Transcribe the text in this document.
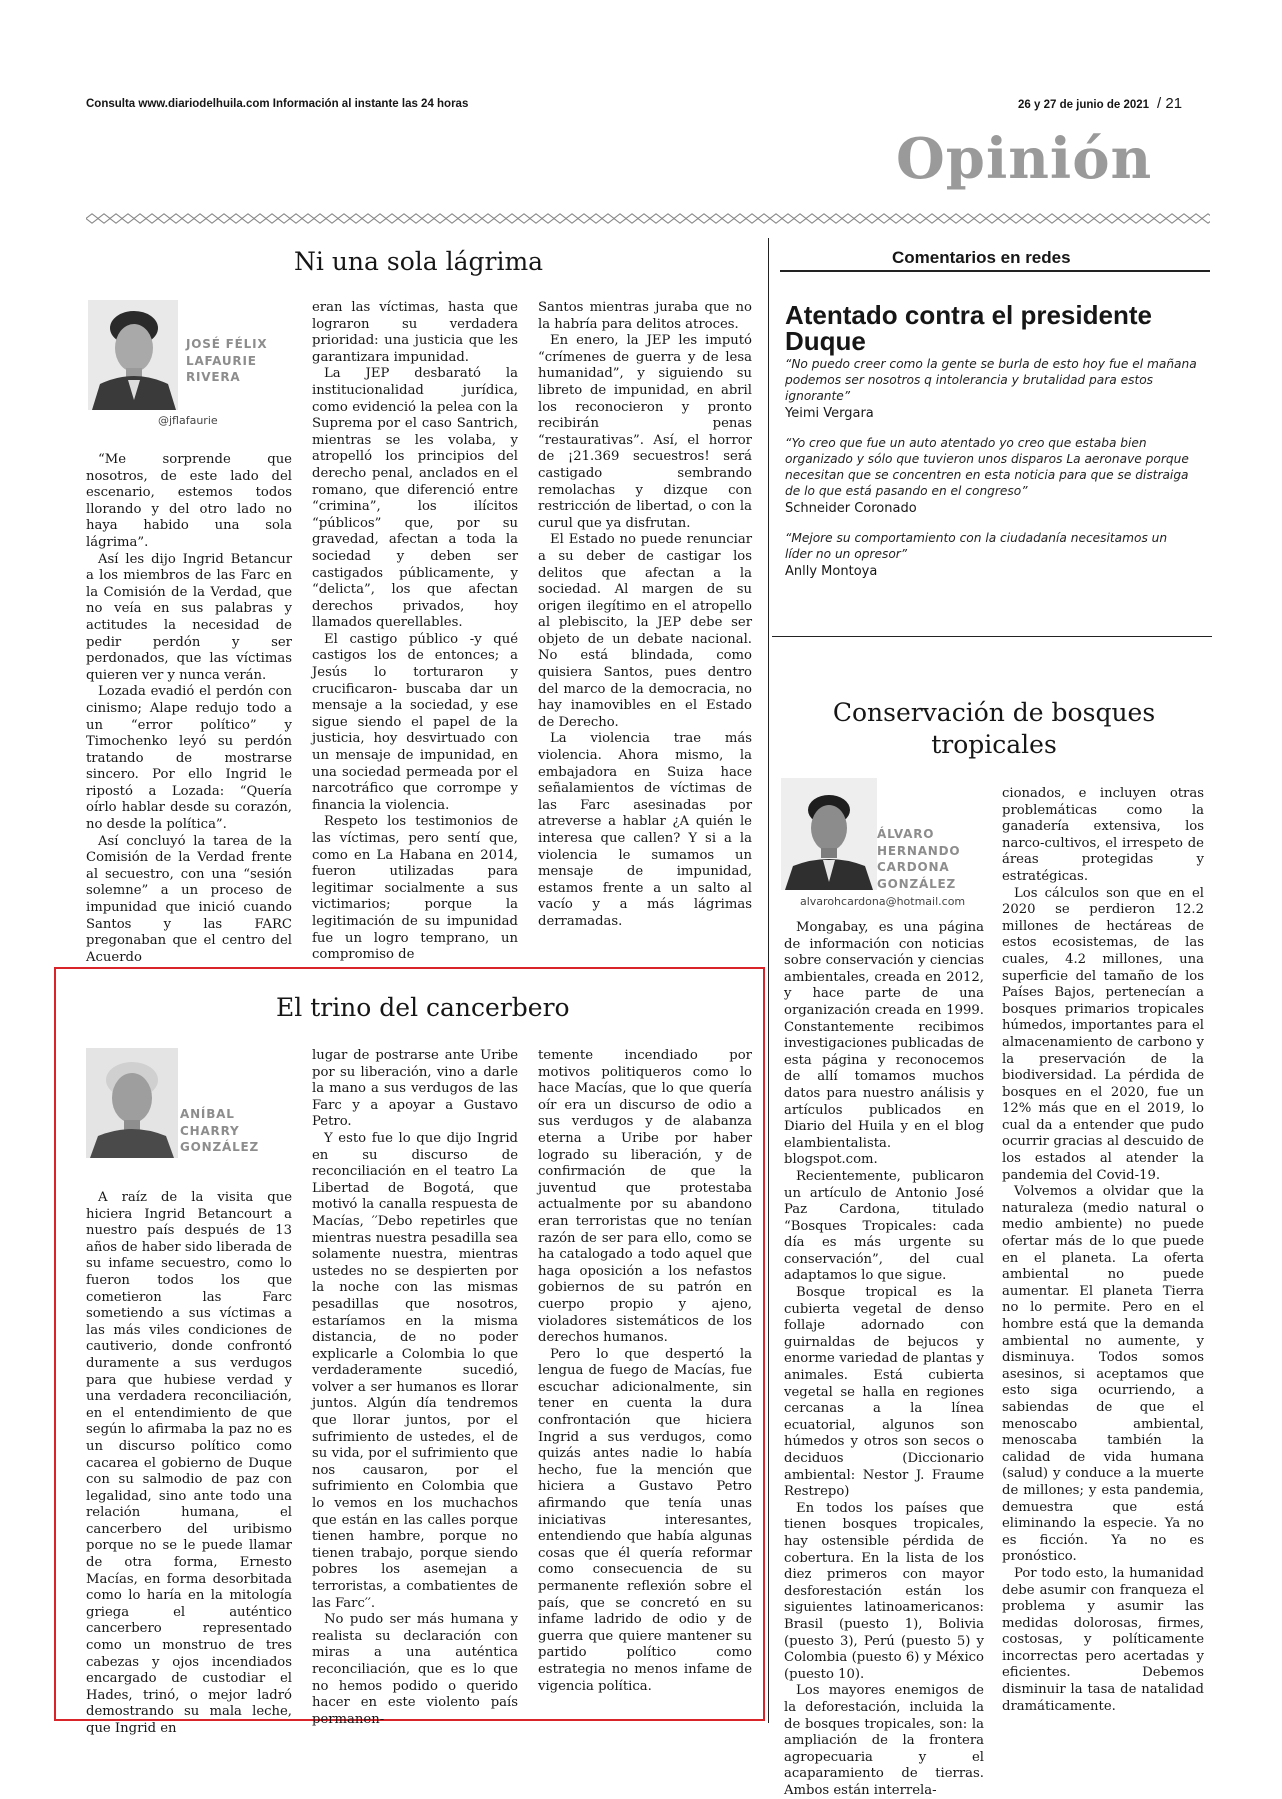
Consulta www.diariodelhuila.com Información al instante las 24 horas	26 y 27 de junio de 2021 / 21
Opinión
Ni una sola lágrima
JOSÉ FÉLIX
LAFAURIE
RIVERA
@jflafaurie

“Me sorprende que nosotros, de este lado del escenario, estemos todos llorando y del otro lado no haya habido una sola lágrima”.

Así les dijo Ingrid Betancur a los miembros de las Farc en la Comisión de la Verdad, que no veía en sus palabras y actitudes la necesidad de pedir perdón y ser perdonados, que las víctimas quieren ver y nunca verán.

Lozada evadió el perdón con cinismo; Alape redujo todo a un “error político” y Timochenko leyó su perdón tratando de mostrarse sincero. Por ello Ingrid le ripostó a Lozada: “Quería oírlo hablar desde su corazón, no desde la política”.

Así concluyó la tarea de la Comisión de la Verdad frente al secuestro, con una “sesión solemne” a un proceso de impunidad que inició cuando Santos y las FARC pregonaban que el centro del Acuerdo

eran las víctimas, hasta que lograron su verdadera prioridad: una justicia que les garantizara impunidad.

La JEP desbarató la institucionalidad jurídica, como evidenció la pelea con la Suprema por el caso Santrich, mientras se les volaba, y atropelló los principios del derecho penal, anclados en el romano, que diferenció entre “crimina”, los ilícitos “públicos” que, por su gravedad, afectan a toda la sociedad y deben ser castigados públicamente, y “delicta”, los que afectan derechos privados, hoy llamados querellables.

El castigo público -y qué castigos los de entonces; a Jesús lo torturaron y crucificaron- buscaba dar un mensaje a la sociedad, y ese sigue siendo el papel de la justicia, hoy desvirtuado con un mensaje de impunidad, en una sociedad permeada por el narcotráfico que corrompe y financia la violencia.

Respeto los testimonios de las víctimas, pero sentí que, como en La Habana en 2014, fueron utilizadas para legitimar socialmente a sus victimarios; porque la legitimación de su impunidad fue un logro temprano, un compromiso de

Santos mientras juraba que no la habría para delitos atroces.

En enero, la JEP les imputó “crímenes de guerra y de lesa humanidad”, y siguiendo su libreto de impunidad, en abril los reconocieron y pronto recibirán penas “restaurativas”. Así, el horror de ¡21.369 secuestros! será castigado sembrando remolachas y dizque con restricción de libertad, o con la curul que ya disfrutan.

El Estado no puede renunciar a su deber de castigar los delitos que afectan a la sociedad. Al margen de su origen ilegítimo en el atropello al plebiscito, la JEP debe ser objeto de un debate nacional. No está blindada, como quisiera Santos, pues dentro del marco de la democracia, no hay inamovibles en el Estado de Derecho.

La violencia trae más violencia. Ahora mismo, la embajadora en Suiza hace señalamientos de víctimas de las Farc asesinadas por atreverse a hablar ¿A quién le interesa que callen? Y si a la violencia le sumamos un mensaje de impunidad, estamos frente a un salto al vacío y a más lágrimas derramadas.

Comentarios en redes
Atentado contra el presidente Duque
“No puedo creer como la gente se burla de esto hoy fue el mañana podemos ser nosotros q intolerancia y brutalidad para estos ignorante”
Yeimi Vergara
“Yo creo que fue un auto atentado yo creo que estaba bien organizado y sólo que tuvieron unos disparos La aeronave porque necesitan que se concentren en esta noticia para que se distraiga de lo que está pasando en el congreso”
Schneider Coronado
“Mejore su comportamiento con la ciudadanía necesitamos un líder no un opresor”
Anlly Montoya
Conservación de bosques
tropicales
ÁLVARO
HERNANDO
CARDONA
GONZÁLEZ
alvarohcardona@hotmail.com

Mongabay, es una página de información con noticias sobre conservación y ciencias ambientales, creada en 2012, y hace parte de una organización creada en 1999. Constantemente recibimos investigaciones publicadas de esta página y reconocemos de allí tomamos muchos datos para nuestro análisis y artículos publicados en Diario del Huila y en el blog elambientalista. blogspot.com.

Recientemente, publicaron un artículo de Antonio José Paz Cardona, titulado “Bosques Tropicales: cada día es más urgente su conservación”, del cual adaptamos lo que sigue.

Bosque tropical es la cubierta vegetal de denso follaje adornado con guirnaldas de bejucos y enorme variedad de plantas y animales. Está cubierta vegetal se halla en regiones cercanas a la línea ecuatorial, algunos son húmedos y otros son secos o deciduos (Diccionario ambiental: Nestor J. Fraume Restrepo)

En todos los países que tienen bosques tropicales, hay ostensible pérdida de cobertura. En la lista de los diez primeros con mayor desforestación están los siguientes latinoamericanos: Brasil (puesto 1), Bolivia (puesto 3), Perú (puesto 5) y Colombia (puesto 6) y México (puesto 10).

Los mayores enemigos de la deforestación, incluida la de bosques tropicales, son: la ampliación de la frontera agropecuaria y el acaparamiento de tierras. Ambos están interrela-

cionados, e incluyen otras problemáticas como la ganadería extensiva, los narco-cultivos, el irrespeto de áreas protegidas y estratégicas.

Los cálculos son que en el 2020 se perdieron 12.2 millones de hectáreas de estos ecosistemas, de las cuales, 4.2 millones, una superficie del tamaño de los Países Bajos, pertenecían a bosques primarios tropicales húmedos, importantes para el almacenamiento de carbono y la preservación de la biodiversidad. La pérdida de bosques en el 2020, fue un 12% más que en el 2019, lo cual da a entender que pudo ocurrir gracias al descuido de los estados al atender la pandemia del Covid-19.

Volvemos a olvidar que la naturaleza (medio natural o medio ambiente) no puede ofertar más de lo que puede en el planeta. La oferta ambiental no puede aumentar. El planeta Tierra no lo permite. Pero en el hombre está que la demanda ambiental no aumente, y disminuya. Todos somos asesinos, si aceptamos que esto siga ocurriendo, a sabiendas de que el menoscabo ambiental, menoscaba también la calidad de vida humana (salud) y conduce a la muerte de millones; y esta pandemia, demuestra que está eliminando la especie. Ya no es ficción. Ya no es pronóstico.

Por todo esto, la humanidad debe asumir con franqueza el problema y asumir las medidas dolorosas, firmes, costosas, y políticamente incorrectas pero acertadas y eficientes. Debemos disminuir la tasa de natalidad dramáticamente.

El trino del cancerbero
ANÍBAL
CHARRY
GONZÁLEZ

A raíz de la visita que hiciera Ingrid Betancourt a nuestro país después de 13 años de haber sido liberada de su infame secuestro, como lo fueron todos los que cometieron las Farc sometiendo a sus víctimas a las más viles condiciones de cautiverio, donde confrontó duramente a sus verdugos para que hubiese verdad y una verdadera reconciliación, en el entendimiento de que según lo afirmaba la paz no es un discurso político como cacarea el gobierno de Duque con su salmodio de paz con legalidad, sino ante todo una relación humana, el cancerbero del uribismo porque no se le puede llamar de otra forma, Ernesto Macías, en forma desorbitada como lo haría en la mitología griega el auténtico cancerbero representado como un monstruo de tres cabezas y ojos incendiados encargado de custodiar el Hades, trinó, o mejor ladró demostrando su mala leche, que Ingrid en

lugar de postrarse ante Uribe por su liberación, vino a darle la mano a sus verdugos de las Farc y a apoyar a Gustavo Petro.

Y esto fue lo que dijo Ingrid en su discurso de reconciliación en el teatro La Libertad de Bogotá, que motivó la canalla respuesta de Macías, ′′Debo repetirles que mientras nuestra pesadilla sea solamente nuestra, mientras ustedes no se despierten por la noche con las mismas pesadillas que nosotros, estaríamos en la misma distancia, de no poder explicarle a Colombia lo que verdaderamente sucedió, volver a ser humanos es llorar juntos. Algún día tendremos que llorar juntos, por el sufrimiento de ustedes, el de su vida, por el sufrimiento que nos causaron, por el sufrimiento en Colombia que lo vemos en los muchachos que están en las calles porque tienen hambre, porque no tienen trabajo, porque siendo pobres los asemejan a terroristas, a combatientes de las Farc′′.

No pudo ser más humana y realista su declaración con miras a una auténtica reconciliación, que es lo que no hemos podido o querido hacer en este violento país permanen-

temente incendiado por motivos politiqueros como lo hace Macías, que lo que quería oír era un discurso de odio a sus verdugos y de alabanza eterna a Uribe por haber logrado su liberación, y de confirmación de que la juventud que protestaba actualmente por su abandono eran terroristas que no tenían razón de ser para ello, como se ha catalogado a todo aquel que haga oposición a los nefastos gobiernos de su patrón en cuerpo propio y ajeno, violadores sistemáticos de los derechos humanos.

Pero lo que despertó la lengua de fuego de Macías, fue escuchar adicionalmente, sin tener en cuenta la dura confrontación que hiciera Ingrid a sus verdugos, como quizás antes nadie lo había hecho, fue la mención que hiciera a Gustavo Petro afirmando que tenía unas iniciativas interesantes, entendiendo que había algunas cosas que él quería reformar como consecuencia de su permanente reflexión sobre el país, que se concretó en su infame ladrido de odio y de guerra que quiere mantener su partido político como estrategia no menos infame de vigencia política.
